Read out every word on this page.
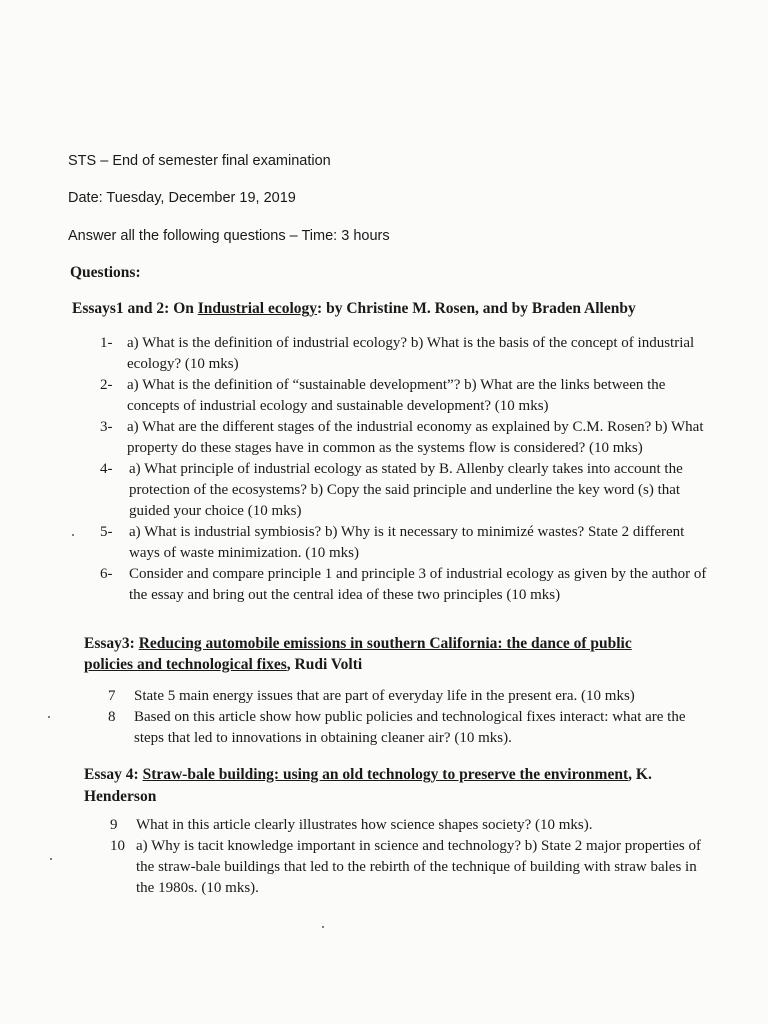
STS – End of semester final examination
Date: Tuesday, December 19, 2019
Answer all the following questions – Time: 3 hours
Questions:
Essays1 and 2: On Industrial ecology: by Christine M. Rosen, and by Braden Allenby
1- a) What is the definition of industrial ecology? b) What is the basis of the concept of industrial ecology? (10 mks)
2- a) What is the definition of “sustainable development”? b) What are the links between the concepts of industrial ecology and sustainable development? (10 mks)
3- a) What are the different stages of the industrial economy as explained by C.M. Rosen? b) What property do these stages have in common as the systems flow is considered? (10 mks)
4-	a) What principle of industrial ecology as stated by B. Allenby clearly takes into account the protection of the ecosystems? b) Copy the said principle and underline the key word (s) that guided your choice (10 mks)
5-	a) What is industrial symbiosis? b) Why is it necessary to minimizé wastes? State 2 different ways of waste minimization. (10 mks)
6-	Consider and compare principle 1 and principle 3 of industrial ecology as given by the author of the essay and bring out the central idea of these two principles (10 mks)
Essay3: Reducing automobile emissions in southern California: the dance of public policies and technological fixes, Rudi Volti
7	State 5 main energy issues that are part of everyday life in the present era. (10 mks)
8	Based on this article show how public policies and technological fixes interact: what are the steps that led to innovations in obtaining cleaner air? (10 mks).
Essay 4: Straw-bale building: using an old technology to preserve the environment, K. Henderson
9	What in this article clearly illustrates how science shapes society? (10 mks).
10 a) Why is tacit knowledge important in science and technology? b) State 2 major properties of the straw-bale buildings that led to the rebirth of the technique of building with straw bales in the 1980s. (10 mks).
